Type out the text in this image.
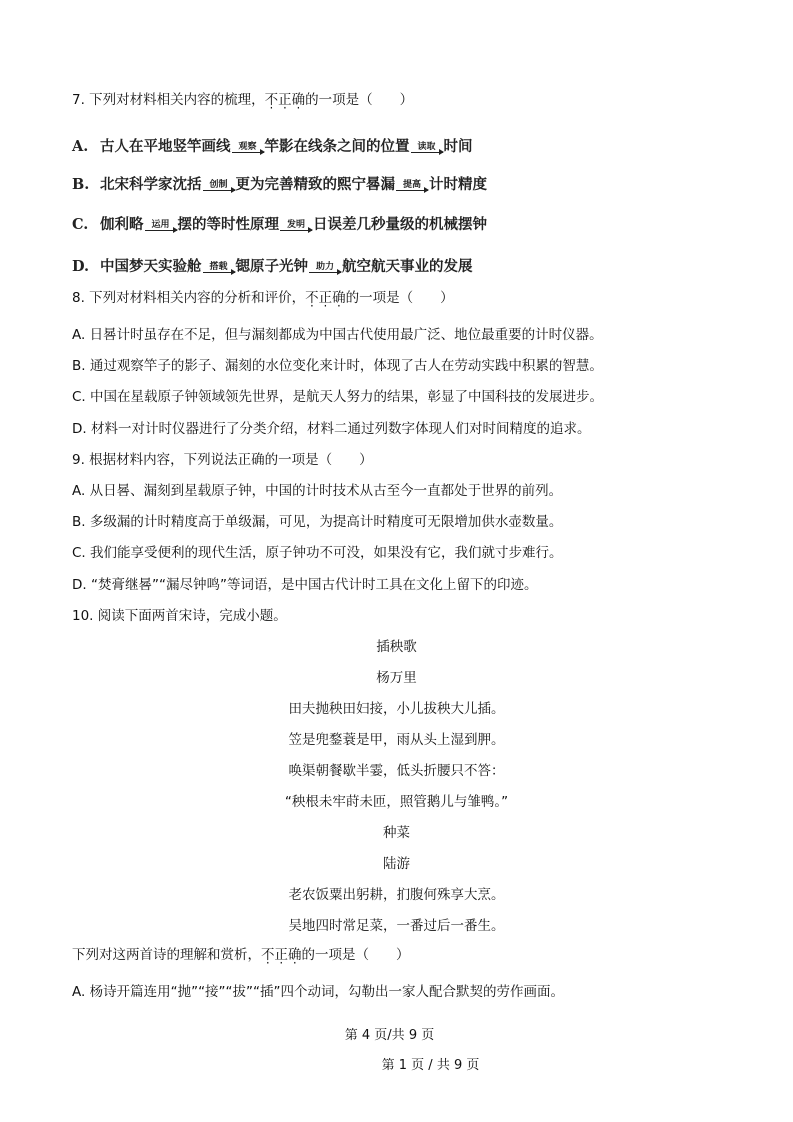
7. 下列对材料相关内容的梳理，不正确的一项是（　　）
A. 古人在平地竖竿画线 观察 竿影在线条之间的位置 读取 时间
B. 北宋科学家沈括 创制 更为完善精致的熙宁晷漏 提高 计时精度
C. 伽利略 运用 摆的等时性原理 发明 日误差几秒量级的机械摆钟
D. 中国梦天实验舱 搭载 锶原子光钟 助力 航空航天事业的发展
8. 下列对材料相关内容的分析和评价，不正确的一项是（　　）
A. 日晷计时虽存在不足，但与漏刻都成为中国古代使用最广泛、地位最重要的计时仪器。
B. 通过观察竿子的影子、漏刻的水位变化来计时，体现了古人在劳动实践中积累的智慧。
C. 中国在星载原子钟领域领先世界，是航天人努力的结果，彰显了中国科技的发展进步。
D. 材料一对计时仪器进行了分类介绍，材料二通过列数字体现人们对时间精度的追求。
9. 根据材料内容，下列说法正确的一项是（　　）
A. 从日晷、漏刻到星载原子钟，中国的计时技术从古至今一直都处于世界的前列。
B. 多级漏的计时精度高于单级漏，可见，为提高计时精度可无限增加供水壶数量。
C. 我们能享受便利的现代生活，原子钟功不可没，如果没有它，我们就寸步难行。
D. “焚膏继晷”“漏尽钟鸣”等词语，是中国古代计时工具在文化上留下的印迹。
10. 阅读下面两首宋诗，完成小题。
插秧歌
杨万里
田夫抛秧田妇接，小儿拔秧大儿插。
笠是兜鍪蓑是甲，雨从头上湿到胛。
唤渠朝餐歇半霎，低头折腰只不答：
“秧根未牢莳未匝，照管鹅儿与雏鸭。”
种菜
陆游
老农饭粟出躬耕，扪腹何殊享大烹。
吴地四时常足菜，一番过后一番生。
下列对这两首诗的理解和赏析，不正确的一项是（　　）
A. 杨诗开篇连用“抛”“接”“拔”“插”四个动词，勾勒出一家人配合默契的劳作画面。
第 4 页/共 9 页
第 1 页 / 共 9 页
